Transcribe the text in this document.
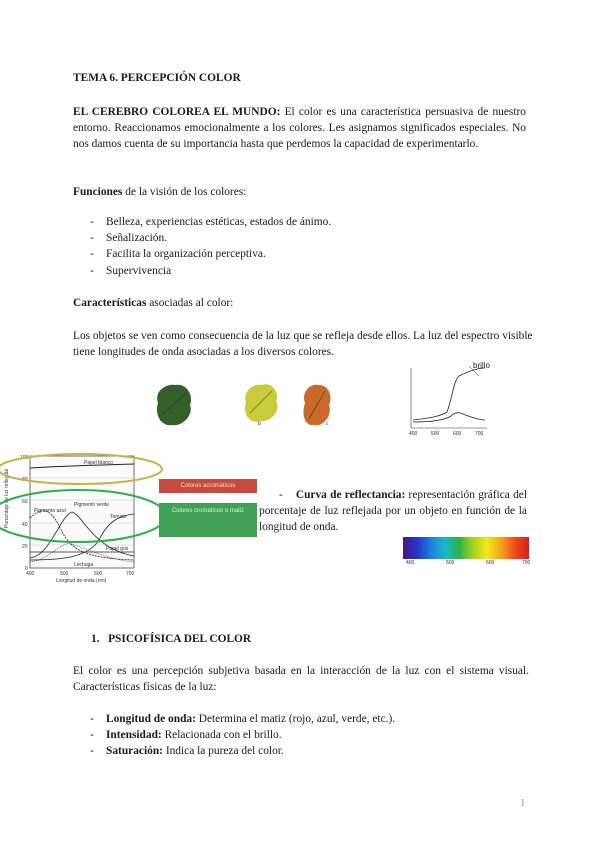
TEMA 6. PERCEPCIÓN COLOR
EL CEREBRO COLOREA EL MUNDO: El color es una característica persuasiva de nuestro entorno. Reaccionamos emocionalmente a los colores. Les asignamos significados especiales. No nos damos cuenta de su importancia hasta que perdemos la capacidad de experimentarlo.
Funciones de la visión de los colores:
- Belleza, experiencias estéticas, estados de ánimo.
- Señalización.
- Facilita la organización perceptiva.
- Supervivencia
Características asociadas al color:
Los objetos se ven como consecuencia de la luz que se refleja desde ellos. La luz del espectro visible tiene longitudes de onda asociadas a los diversos colores.
a
b	c
brillo
400	500	600	700
Porcentaje de luz reflejada
100
80
60
40
20
0
Papel blanco
Pigmento azul
Pigmento verde
Tomate
Papel gris
Lechuga
400	500	600	700
Longitud de onda (nm)
Colores acromáticos
Colores cromáticos o matiz
-    Curva de reflectancia: representación gráfica del porcentaje de luz reflejada por un objeto en función de la longitud de onda.
400	500	600	700
1. PSICOFÍSICA DEL COLOR
El color es una percepción subjetiva basada en la interacción de la luz con el sistema visual. Características físicas de la luz:
- Longitud de onda: Determina el matiz (rojo, azul, verde, etc.).
- Intensidad: Relacionada con el brillo.
- Saturación: Indica la pureza del color.
1
